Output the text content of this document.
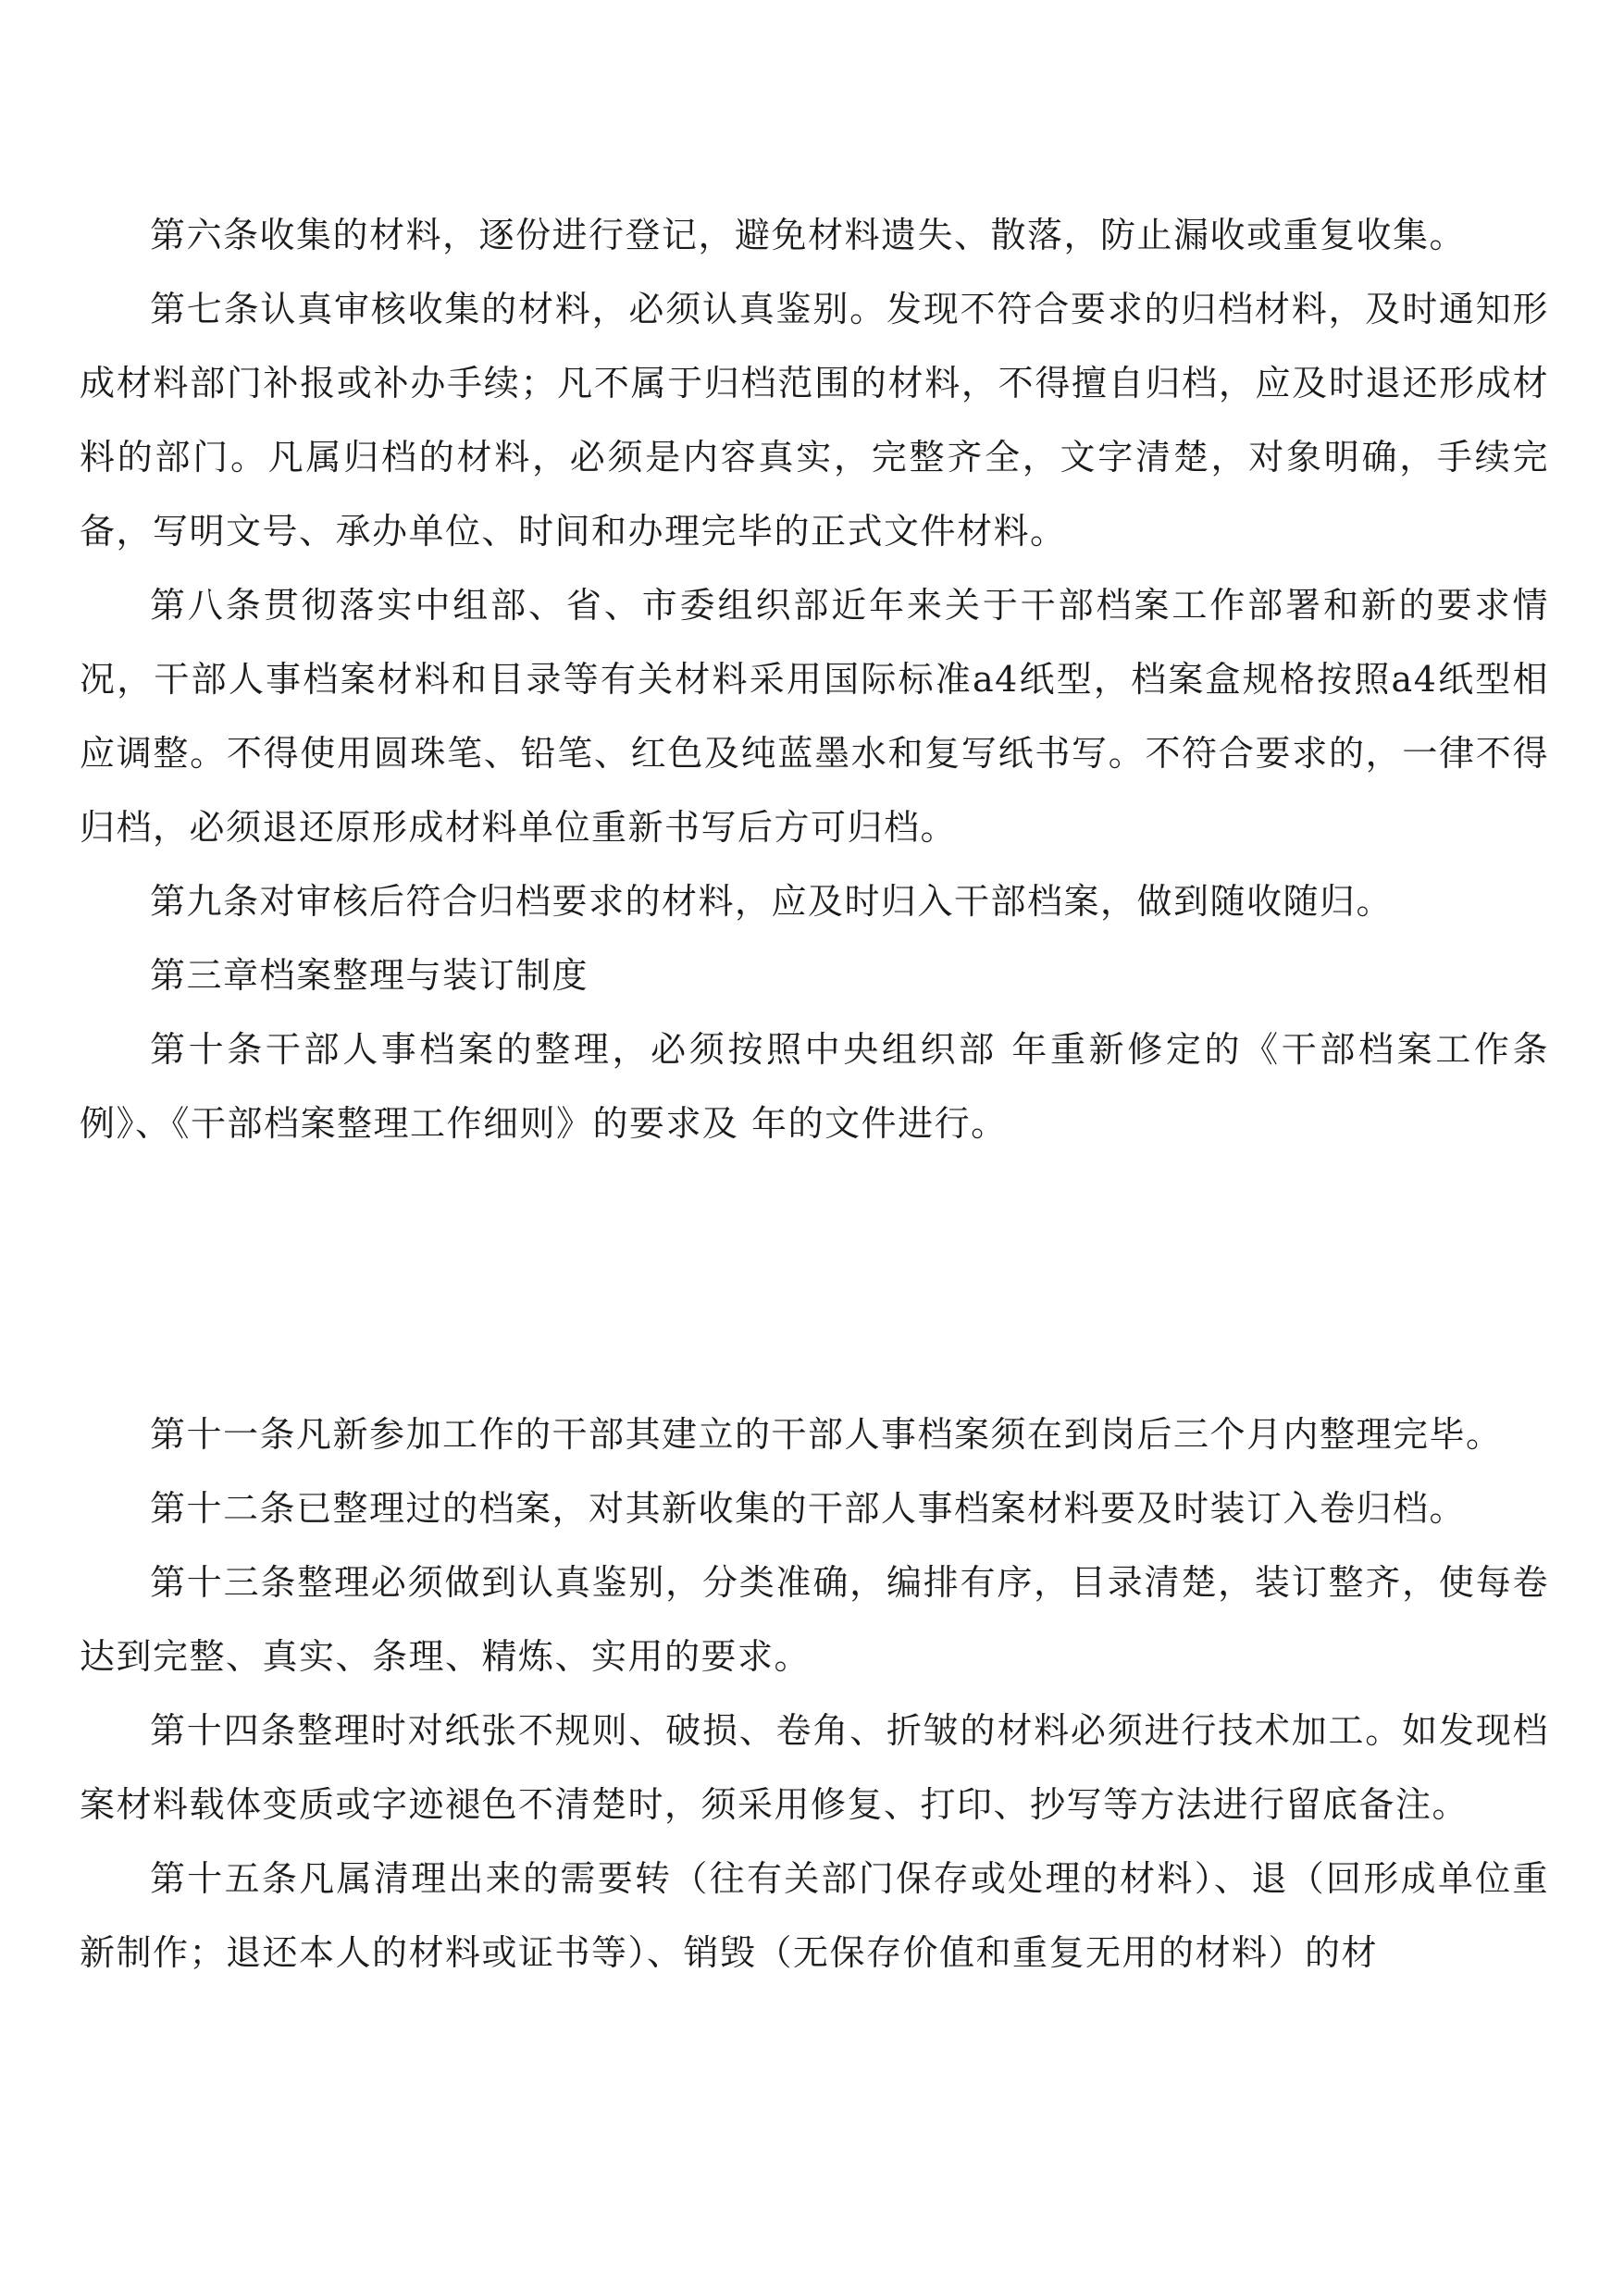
第六条收集的材料，逐份进行登记，避免材料遗失、散落，防止漏收或重复收集。

第七条认真审核收集的材料，必须认真鉴别。发现不符合要求的归档材料，及时通知形成材料部门补报或补办手续；凡不属于归档范围的材料，不得擅自归档，应及时退还形成材料的部门。凡属归档的材料，必须是内容真实，完整齐全，文字清楚，对象明确，手续完备，写明文号、承办单位、时间和办理完毕的正式文件材料。

第八条贯彻落实中组部、省、市委组织部近年来关于干部档案工作部署和新的要求情况，干部人事档案材料和目录等有关材料采用国际标准a4纸型，档案盒规格按照a4纸型相应调整。不得使用圆珠笔、铅笔、红色及纯蓝墨水和复写纸书写。不符合要求的，一律不得归档，必须退还原形成材料单位重新书写后方可归档。

第九条对审核后符合归档要求的材料，应及时归入干部档案，做到随收随归。

第三章档案整理与装订制度

第十条干部人事档案的整理，必须按照中央组织部 年重新修定的《干部档案工作条例》、《干部档案整理工作细则》的要求及 年的文件进行。

第十一条凡新参加工作的干部其建立的干部人事档案须在到岗后三个月内整理完毕。

第十二条已整理过的档案，对其新收集的干部人事档案材料要及时装订入卷归档。

第十三条整理必须做到认真鉴别，分类准确，编排有序，目录清楚，装订整齐，使每卷达到完整、真实、条理、精炼、实用的要求。

第十四条整理时对纸张不规则、破损、卷角、折皱的材料必须进行技术加工。如发现档案材料载体变质或字迹褪色不清楚时，须采用修复、打印、抄写等方法进行留底备注。

第十五条凡属清理出来的需要转（往有关部门保存或处理的材料）、退（回形成单位重新制作；退还本人的材料或证书等）、销毁（无保存价值和重复无用的材料）的材
